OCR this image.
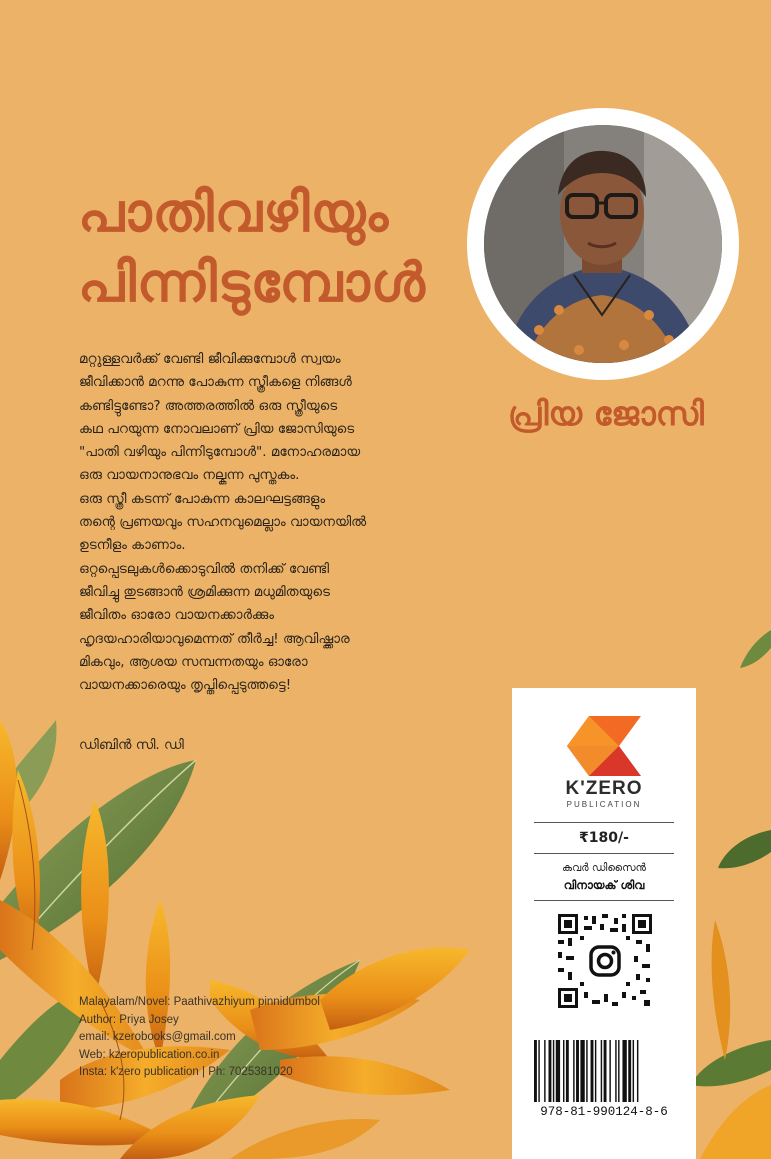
പാതിവഴിയും
പിന്നിടുമ്പോൾ
പ്രിയ ജോസി

മറ്റുള്ളവർക്ക് വേണ്ടി ജീവിക്കുമ്പോൾ സ്വയം

ജീവിക്കാൻ മറന്നു പോകുന്ന സ്ത്രീകളെ നിങ്ങൾ

കണ്ടിട്ടുണ്ടോ? അത്തരത്തിൽ ഒരു സ്ത്രീയുടെ

കഥ പറയുന്ന നോവലാണ് പ്രിയ ജോസിയുടെ

"പാതി വഴിയും പിന്നിടുമ്പോൾ". മനോഹരമായ

ഒരു വായനാനുഭവം നല്കുന്ന പുസ്തകം.

ഒരു സ്ത്രീ കടന്ന് പോകുന്ന കാലഘട്ടങ്ങളും

തന്റെ പ്രണയവും സഹനവുമെല്ലാം വായനയിൽ

ഉടനീളം കാണാം.

ഒറ്റപ്പെടലുകൾക്കൊടുവിൽ തനിക്ക് വേണ്ടി

ജീവിച്ചു തുടങ്ങാൻ ശ്രമിക്കുന്ന മധുമിതയുടെ

ജീവിതം ഓരോ വായനക്കാർക്കും

ഹൃദയഹാരിയാവുമെന്നത് തീർച്ച! ആവിഷ്ക്കാര

മികവും, ആശയ സമ്പന്നതയും ഓരോ

വായനക്കാരെയും തൃപ്തിപ്പെടുത്തട്ടെ!

ഡിബിൻ സി. ഡി

Malayalam/Novel: Paathivazhiyum pinnidumbol
Author: Priya Josey
email: kzerobooks@gmail.com
Web: kzeropublication.co.in
Insta: k'zero publication | Ph: 7025381020
K'ZERO
PUBLICATION
₹180/-
കവർ ഡിസൈൻ
വിനായക് ശിവ
978-81-990124-8-6
